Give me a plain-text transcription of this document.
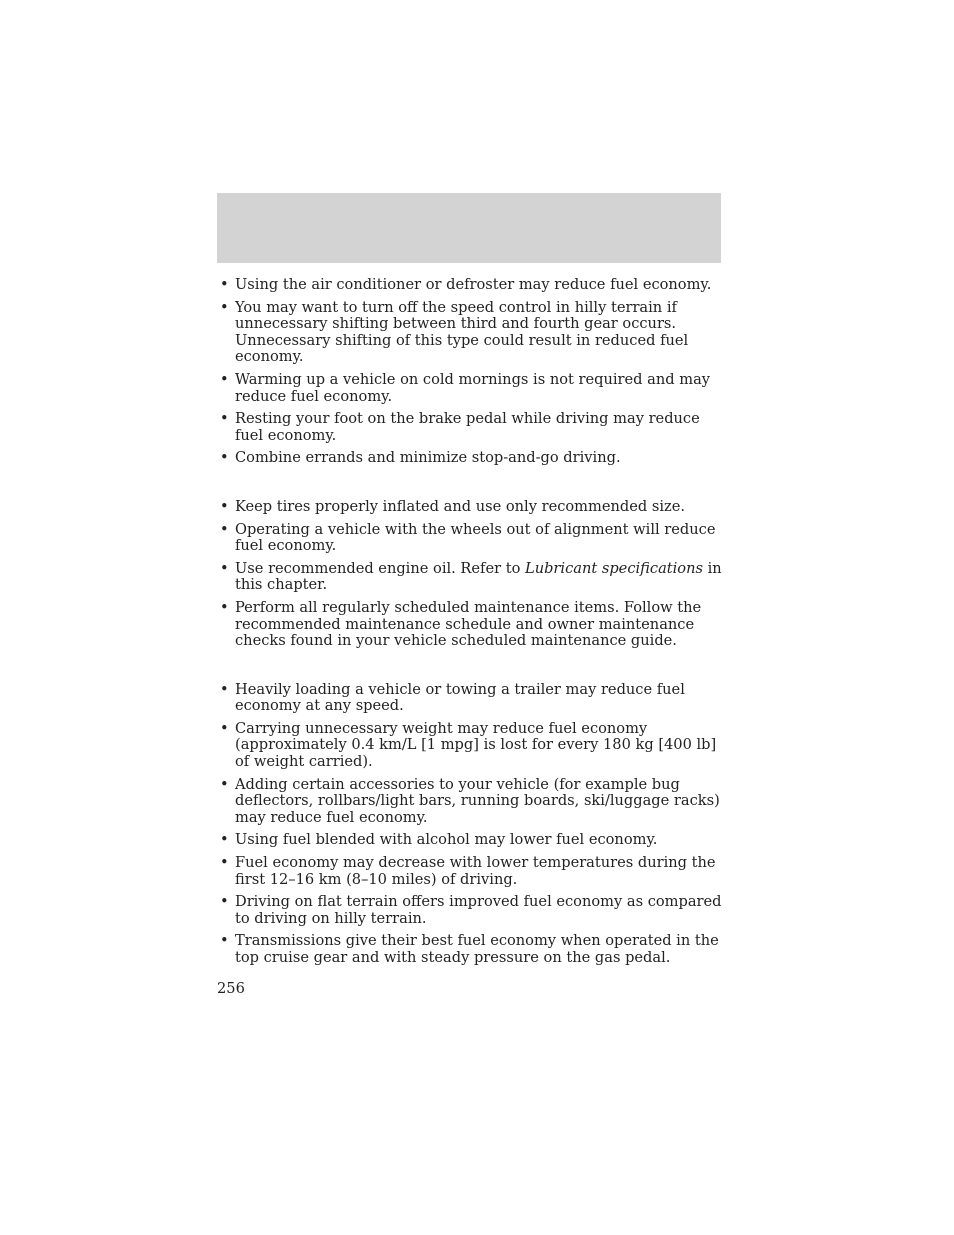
• Using the air conditioner or defroster may reduce fuel economy.
• You may want to turn off the speed control in hilly terrain if unnecessary shifting between third and fourth gear occurs. Unnecessary shifting of this type could result in reduced fuel economy.
• Warming up a vehicle on cold mornings is not required and may reduce fuel economy.
• Resting your foot on the brake pedal while driving may reduce fuel economy.
• Combine errands and minimize stop-and-go driving.
• Keep tires properly inflated and use only recommended size.
• Operating a vehicle with the wheels out of alignment will reduce fuel economy.
• Use recommended engine oil. Refer to Lubricant specifications in this chapter.
• Perform all regularly scheduled maintenance items. Follow the recommended maintenance schedule and owner maintenance checks found in your vehicle scheduled maintenance guide.
• Heavily loading a vehicle or towing a trailer may reduce fuel economy at any speed.
• Carrying unnecessary weight may reduce fuel economy (approximately 0.4 km/L [1 mpg] is lost for every 180 kg [400 lb] of weight carried).
• Adding certain accessories to your vehicle (for example bug deflectors, rollbars/light bars, running boards, ski/luggage racks) may reduce fuel economy.
• Using fuel blended with alcohol may lower fuel economy.
• Fuel economy may decrease with lower temperatures during the first 12–16 km (8–10 miles) of driving.
• Driving on flat terrain offers improved fuel economy as compared to driving on hilly terrain.
• Transmissions give their best fuel economy when operated in the top cruise gear and with steady pressure on the gas pedal.
256
